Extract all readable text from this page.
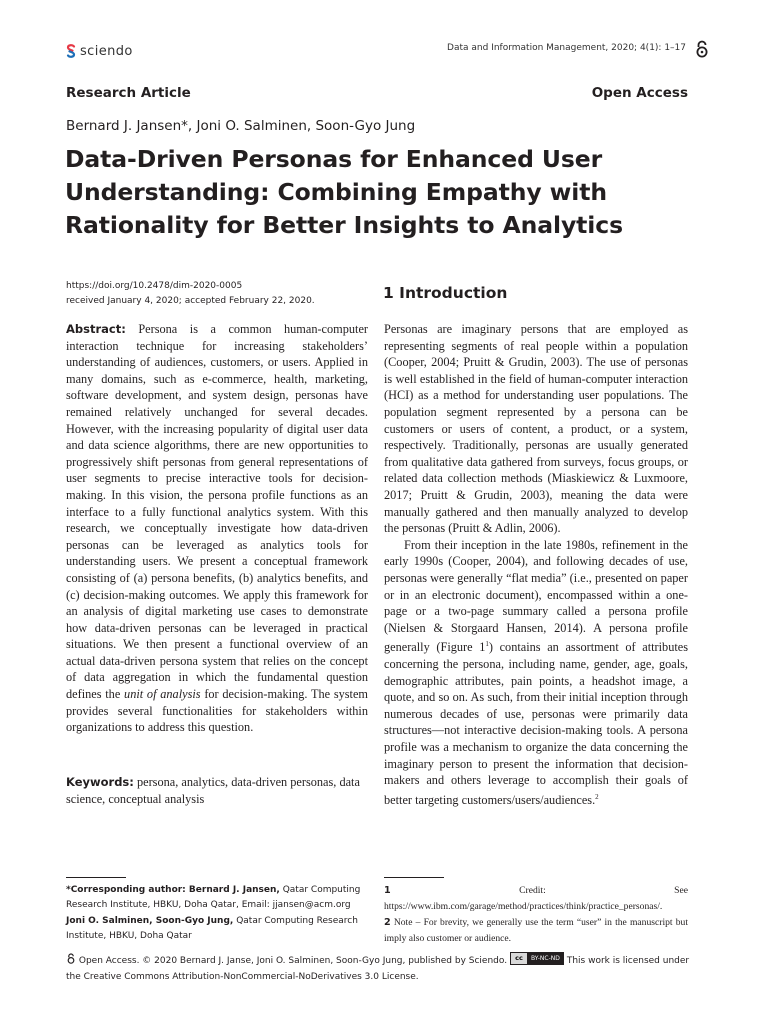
sciendo	Data and Information Management, 2020; 4(1): 1–17
Research Article	Open Access
Bernard J. Jansen*, Joni O. Salminen, Soon-Gyo Jung
Data-Driven Personas for Enhanced User Understanding: Combining Empathy with Rationality for Better Insights to Analytics
https://doi.org/10.2478/dim-2020-0005
received January 4, 2020; accepted February 22, 2020.
Abstract: Persona is a common human-computer interaction technique for increasing stakeholders’ understanding of audiences, customers, or users. Applied in many domains, such as e-commerce, health, marketing, software development, and system design, personas have remained relatively unchanged for several decades. However, with the increasing popularity of digital user data and data science algorithms, there are new opportunities to progressively shift personas from general representations of user segments to precise interactive tools for decision-making. In this vision, the persona profile functions as an interface to a fully functional analytics system. With this research, we conceptually investigate how data-driven personas can be leveraged as analytics tools for understanding users. We present a conceptual framework consisting of (a) persona benefits, (b) analytics benefits, and (c) decision-making outcomes. We apply this framework for an analysis of digital marketing use cases to demonstrate how data-driven personas can be leveraged in practical situations. We then present a functional overview of an actual data-driven persona system that relies on the concept of data aggregation in which the fundamental question defines the unit of analysis for decision-making. The system provides several functionalities for stakeholders within organizations to address this question.
Keywords: persona, analytics, data-driven personas, data science, conceptual analysis
1 Introduction

Personas are imaginary persons that are employed as representing segments of real people within a population (Cooper, 2004; Pruitt & Grudin, 2003). The use of personas is well established in the field of human-computer interaction (HCI) as a method for understanding user populations. The population segment represented by a persona can be customers or users of content, a product, or a system, respectively. Traditionally, personas are usually generated from qualitative data gathered from surveys, focus groups, or related data collection methods (Miaskiewicz & Luxmoore, 2017; Pruitt & Grudin, 2003), meaning the data were manually gathered and then manually analyzed to develop the personas (Pruitt & Adlin, 2006).

From their inception in the late 1980s, refinement in the early 1990s (Cooper, 2004), and following decades of use, personas were generally “flat media” (i.e., presented on paper or in an electronic document), encompassed within a one-page or a two-page summary called a persona profile (Nielsen & Storgaard Hansen, 2014). A persona profile generally (Figure $1^1$) contains an assortment of attributes concerning the persona, including name, gender, age, goals, demographic attributes, pain points, a headshot image, a quote, and so on. As such, from their initial inception through numerous decades of use, personas were primarily data structures—not interactive decision-making tools. A persona profile was a mechanism to organize the data concerning the imaginary person to present the information that decision-makers and others leverage to accomplish their goals of better targeting customers/users/audiences.$^2$

*Corresponding author: Bernard J. Jansen, Qatar Computing Research Institute, HBKU, Doha Qatar, Email: jjansen@acm.org
Joni O. Salminen, Soon-Gyo Jung, Qatar Computing Research Institute, HBKU, Doha Qatar
1 Credit: See https://www.ibm.com/garage/method/practices/think/practice_personas/.
2 Note – For brevity, we generally use the term “user” in the manuscript but imply also customer or audience.
Open Access. © 2020 Bernard J. Janse, Joni O. Salminen, Soon-Gyo Jung, published by Sciendo.	cc	BY-NC-ND This work is licensed under the Creative Commons Attribution-NonCommercial-NoDerivatives 3.0 License.
